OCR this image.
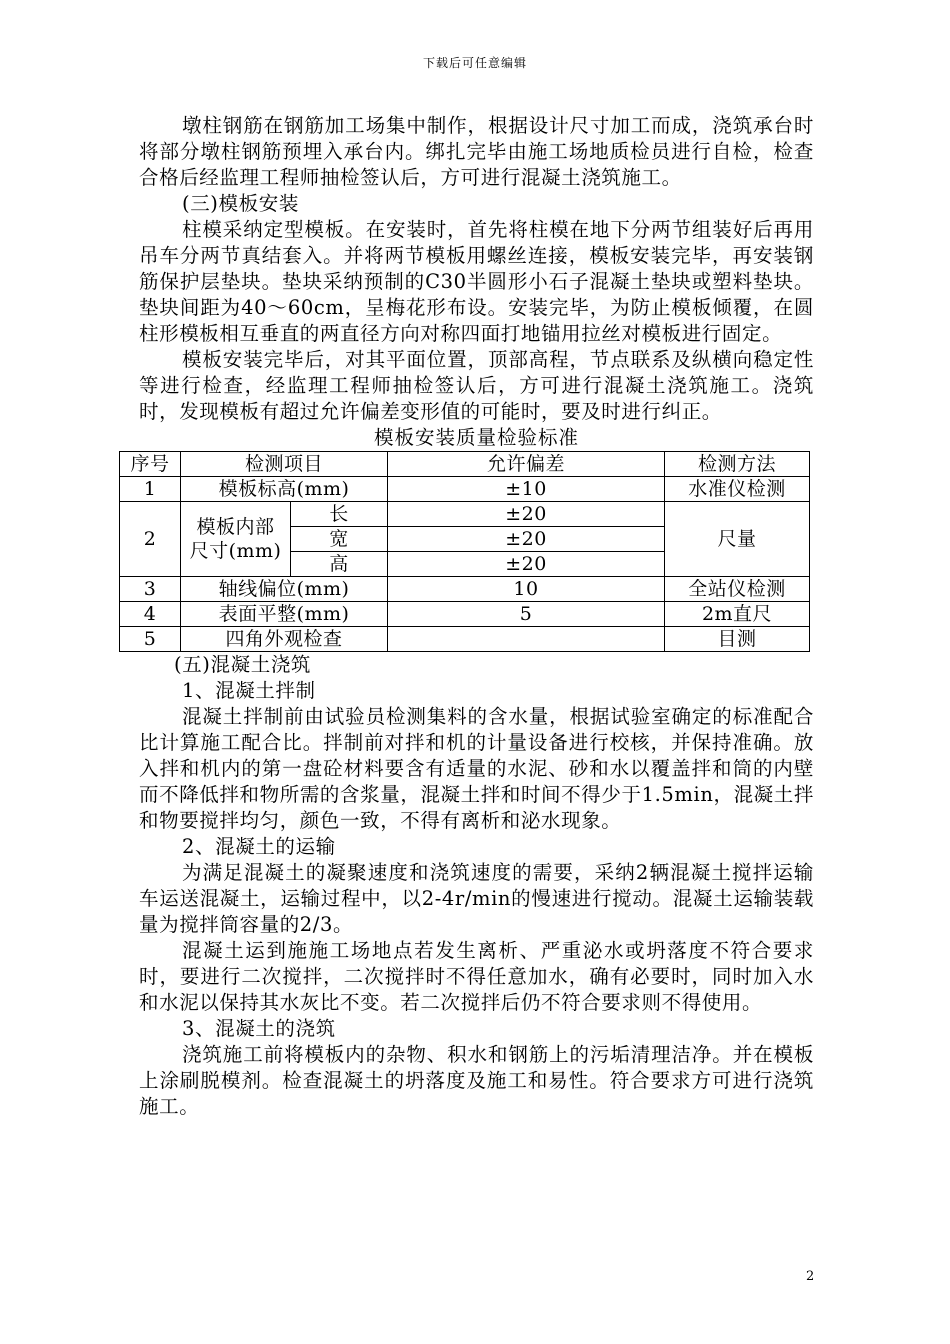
下载后可任意编辑

墩柱钢筋在钢筋加工场集中制作，根据设计尺寸加工而成，浇筑承台时将部分墩柱钢筋预埋入承台内。绑扎完毕由施工场地质检员进行自检，检查合格后经监理工程师抽检签认后，方可进行混凝土浇筑施工。

(三)模板安装

柱模采纳定型模板。在安装时，首先将柱模在地下分两节组装好后再用吊车分两节真结套入。并将两节模板用螺丝连接，模板安装完毕，再安装钢筋保护层垫块。垫块采纳预制的C30半圆形小石子混凝土垫块或塑料垫块。垫块间距为40～60cm，呈梅花形布设。安装完毕，为防止模板倾覆，在圆柱形模板相互垂直的两直径方向对称四面打地锚用拉丝对模板进行固定。

模板安装完毕后，对其平面位置，顶部高程，节点联系及纵横向稳定性等进行检查，经监理工程师抽检签认后，方可进行混凝土浇筑施工。浇筑时，发现模板有超过允许偏差变形值的可能时，要及时进行纠正。

模板安装质量检验标准
序号	检测项目		允许偏差	检测方法
1	模板标高(mm)		±10	水准仪检测
2	模板内部
尺寸(mm)	长	±20	尺量
		宽	±20	
		高	±20	
3	轴线偏位(mm)		10	全站仪检测
4	表面平整(mm)		5	2m直尺
5	四角外观检查			目测

(五)混凝土浇筑

1、混凝土拌制

混凝土拌制前由试验员检测集料的含水量，根据试验室确定的标准配合比计算施工配合比。拌制前对拌和机的计量设备进行校核，并保持准确。放入拌和机内的第一盘砼材料要含有适量的水泥、砂和水以覆盖拌和筒的内壁而不降低拌和物所需的含浆量，混凝土拌和时间不得少于1.5min，混凝土拌和物要搅拌均匀，颜色一致，不得有离析和泌水现象。

2、混凝土的运输

为满足混凝土的凝聚速度和浇筑速度的需要，采纳2辆混凝土搅拌运输车运送混凝土，运输过程中，以2-4r/min的慢速进行搅动。混凝土运输装载量为搅拌筒容量的2/3。

混凝土运到施施工场地点若发生离析、严重泌水或坍落度不符合要求时，要进行二次搅拌，二次搅拌时不得任意加水，确有必要时，同时加入水和水泥以保持其水灰比不变。若二次搅拌后仍不符合要求则不得使用。

3、混凝土的浇筑

浇筑施工前将模板内的杂物、积水和钢筋上的污垢清理洁净。并在模板上涂刷脱模剂。检查混凝土的坍落度及施工和易性。符合要求方可进行浇筑施工。

2
